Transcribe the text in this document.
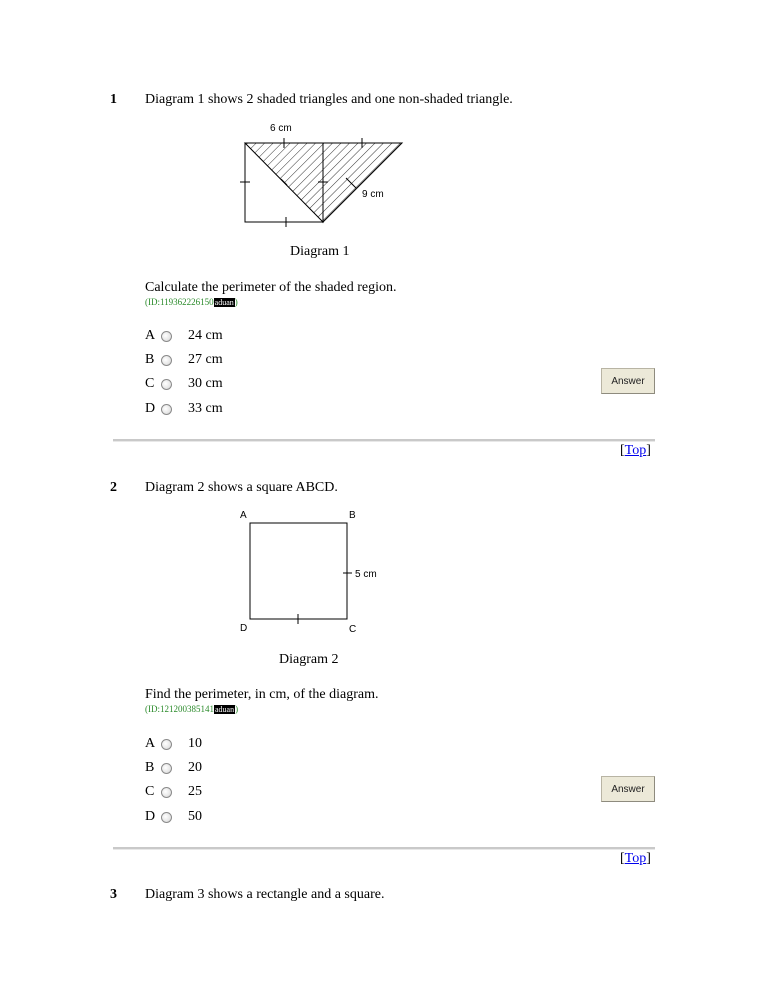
1 Diagram 1 shows 2 shaded triangles and one non-shaded triangle.
6 cm
9 cm
Diagram 1
Calculate the perimeter of the shaded region.
(ID:119362226150aduan)
A 24 cm
B 27 cm
C 30 cm
D 33 cm
Answer
[Top]
2 Diagram 2 shows a square ABCD.
A	B
D	C
5 cm
Diagram 2
Find the perimeter, in cm, of the diagram.
(ID:121200385141aduan)
A 10
B 20
C 25
D 50
Answer
[Top]
3 Diagram 3 shows a rectangle and a square.
